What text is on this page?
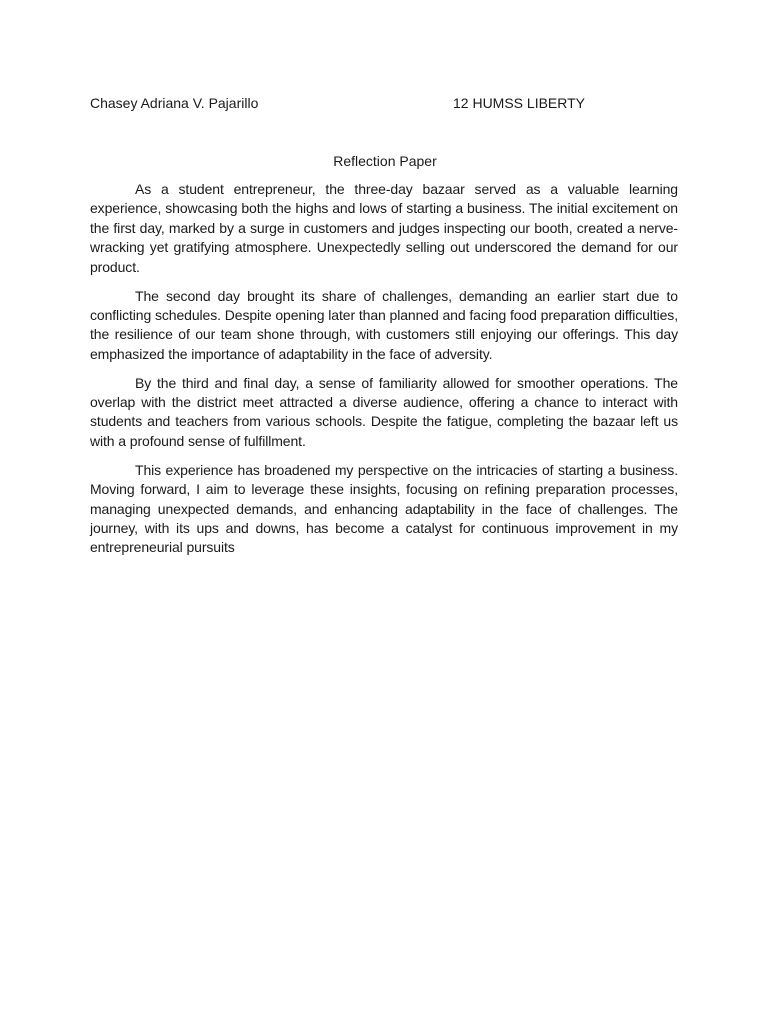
Chasey Adriana V. Pajarillo	12 HUMSS LIBERTY
Reflection Paper

As a student entrepreneur, the three-day bazaar served as a valuable learning experience, showcasing both the highs and lows of starting a business. The initial excitement on the first day, marked by a surge in customers and judges inspecting our booth, created a nerve-wracking yet gratifying atmosphere. Unexpectedly selling out underscored the demand for our product.

The second day brought its share of challenges, demanding an earlier start due to conflicting schedules. Despite opening later than planned and facing food preparation difficulties, the resilience of our team shone through, with customers still enjoying our offerings. This day emphasized the importance of adaptability in the face of adversity.

By the third and final day, a sense of familiarity allowed for smoother operations. The overlap with the district meet attracted a diverse audience, offering a chance to interact with students and teachers from various schools. Despite the fatigue, completing the bazaar left us with a profound sense of fulfillment.

This experience has broadened my perspective on the intricacies of starting a business. Moving forward, I aim to leverage these insights, focusing on refining preparation processes, managing unexpected demands, and enhancing adaptability in the face of challenges. The journey, with its ups and downs, has become a catalyst for continuous improvement in my entrepreneurial pursuits
